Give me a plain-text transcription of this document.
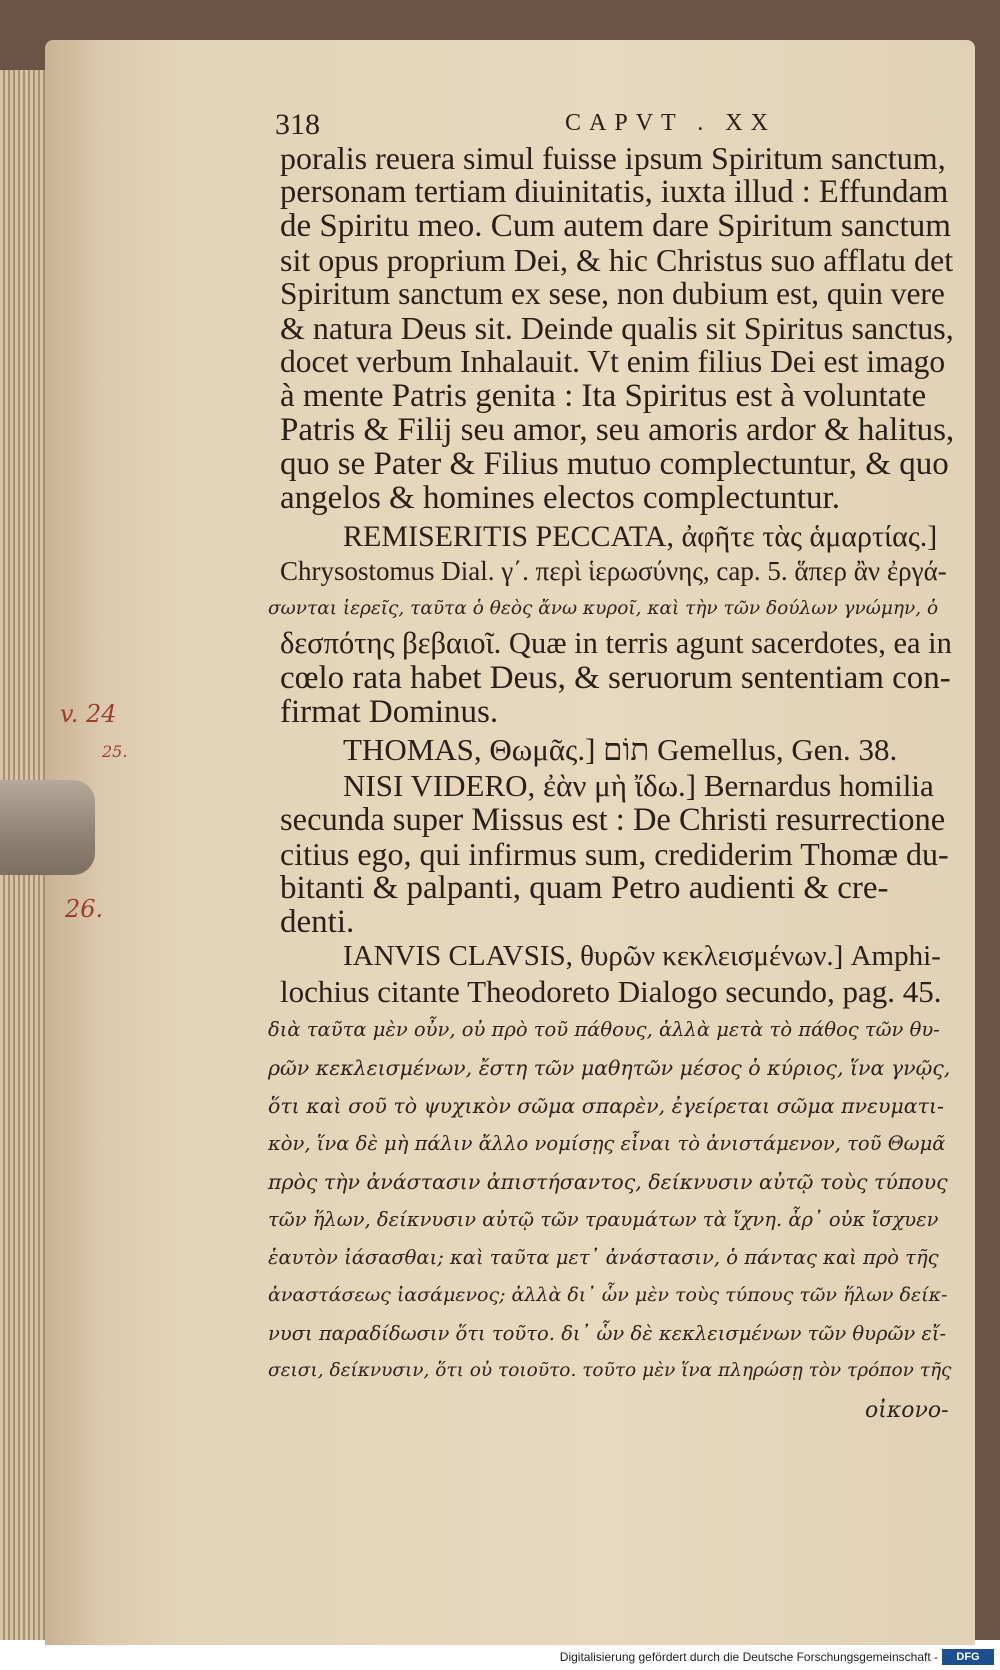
318	CAPVT . XX
v. 24
25.
26.

poralis reuera simul fuisse ipsum Spiritum sanctum,

personam tertiam diuinitatis, iuxta illud : Effundam

de Spiritu meo. Cum autem dare Spiritum sanctum

sit opus proprium Dei, & hic Christus suo afflatu det

Spiritum sanctum ex sese, non dubium est, quin vere

& natura Deus sit. Deinde qualis sit Spiritus sanctus,

docet verbum Inhalauit. Vt enim filius Dei est imago

à mente Patris genita : Ita Spiritus est à voluntate

Patris & Filij seu amor, seu amoris ardor & halitus,

quo se Pater & Filius mutuo complectuntur, & quo

angelos & homines electos complectuntur.

REMISERITIS PECCATA, ἀφῆτε τὰς ἁμαρτίας.]

Chrysostomus Dial. γ΄. περὶ ἱερωσύνης, cap. 5. ἅπερ ἂν ἐργά-

σωνται ἱερεῖς, ταῦτα ὁ θεὸς ἄνω κυροῖ, καὶ τὴν τῶν δούλων γνώμην, ὁ

δεσπότης βεβαιοῖ. Quæ in terris agunt sacerdotes, ea in

cœlo rata habet Deus, & seruorum sententiam con-

firmat Dominus.

THOMAS, Θωμᾶς.] תוֹם Gemellus, Gen. 38.

NISI VIDERO, ἐὰν μὴ ἴδω.] Bernardus homilia

secunda super Missus est : De Christi resurrectione

citius ego, qui infirmus sum, crediderim Thomæ du-

bitanti & palpanti, quam Petro audienti & cre-

denti.

IANVIS CLAVSIS, θυρῶν κεκλεισμένων.] Amphi-

lochius citante Theodoreto Dialogo secundo, pag. 45.

διὰ ταῦτα μὲν οὖν, οὐ πρὸ τοῦ πάθους, ἀλλὰ μετὰ τὸ πάθος τῶν θυ-

ρῶν κεκλεισμένων, ἔστη τῶν μαθητῶν μέσος ὁ κύριος, ἵνα γνῷς,

ὅτι καὶ σοῦ τὸ ψυχικὸν σῶμα σπαρὲν, ἐγείρεται σῶμα πνευματι-

κὸν, ἵνα δὲ μὴ πάλιν ἄλλο νομίσῃς εἶναι τὸ ἀνιστάμενον, τοῦ Θωμᾶ

πρὸς τὴν ἀνάστασιν ἀπιστήσαντος, δείκνυσιν αὐτῷ τοὺς τύπους

τῶν ἥλων, δείκνυσιν αὐτῷ τῶν τραυμάτων τὰ ἴχνη. ἆρ᾽ οὐκ ἴσχυεν

ἑαυτὸν ἰάσασθαι; καὶ ταῦτα μετ᾽ ἀνάστασιν, ὁ πάντας καὶ πρὸ τῆς

ἀναστάσεως ἰασάμενος; ἀλλὰ δι᾽ ὧν μὲν τοὺς τύπους τῶν ἥλων δείκ-

νυσι παραδίδωσιν ὅτι τοῦτο. δι᾽ ὧν δὲ κεκλεισμένων τῶν θυρῶν εἴ-

σεισι, δείκνυσιν, ὅτι οὐ τοιοῦτο. τοῦτο μὲν ἵνα πληρώσῃ τὸν τρόπον τῆς

οἰκονο-

Digitalisierung gefördert durch die Deutsche Forschungsgemeinschaft -	DFG
